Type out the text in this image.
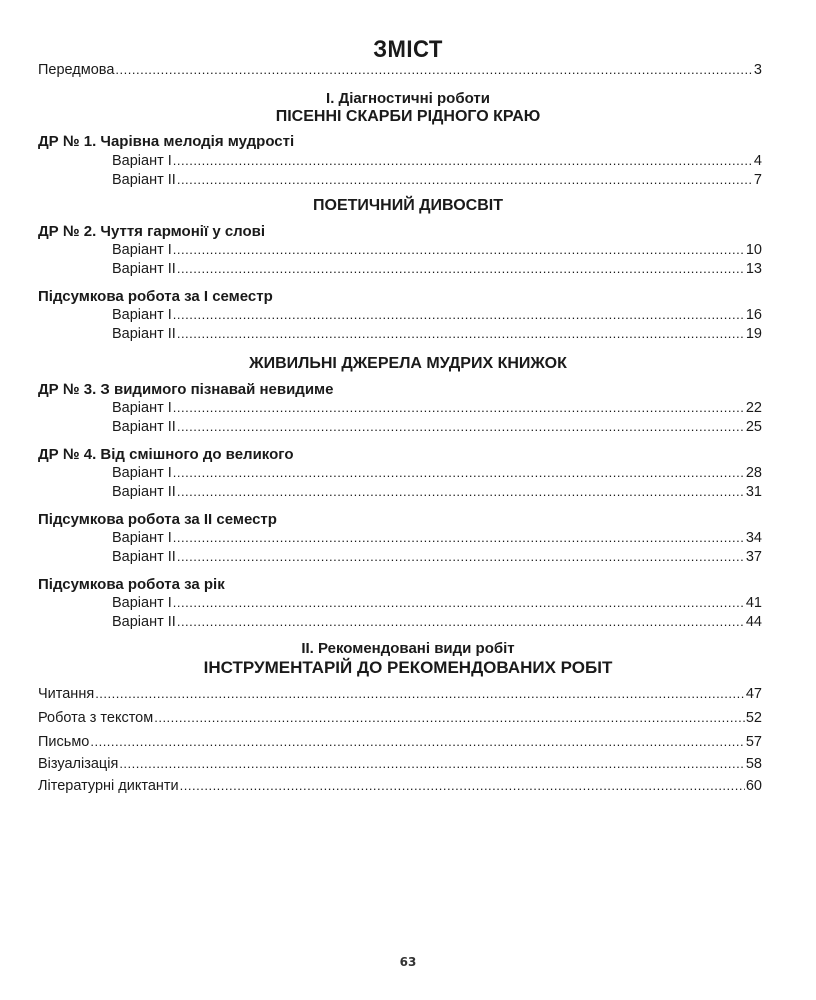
ЗМІСТ
Передмова .....	3
І. Діагностичні роботи
ПІСЕННІ СКАРБИ РІДНОГО КРАЮ
ДР № 1. Чарівна мелодія мудрості
Варіант І .....	4
Варіант ІІ .....	7
ПОЕТИЧНИЙ ДИВОСВІТ
ДР № 2. Чуття гармонії у слові
Варіант І .....	10
Варіант ІІ .....	13
Підсумкова робота за І семестр
Варіант І .....	16
Варіант ІІ .....	19
ЖИВИЛЬНІ ДЖЕРЕЛА МУДРИХ КНИЖОК
ДР № 3. З видимого пізнавай невидиме
Варіант І .....	22
Варіант ІІ .....	25
ДР № 4. Від смішного до великого
Варіант І .....	28
Варіант ІІ .....	31
Підсумкова робота за ІІ семестр
Варіант І .....	34
Варіант ІІ .....	37
Підсумкова робота за рік
Варіант І .....	41
Варіант ІІ .....	44
ІІ. Рекомендовані види робіт
ІНСТРУМЕНТАРІЙ ДО РЕКОМЕНДОВАНИХ РОБІТ
Читання .....	47
Робота з текстом .....	52
Письмо .....	57
Візуалізація .....	58
Літературні диктанти .....	60
63
